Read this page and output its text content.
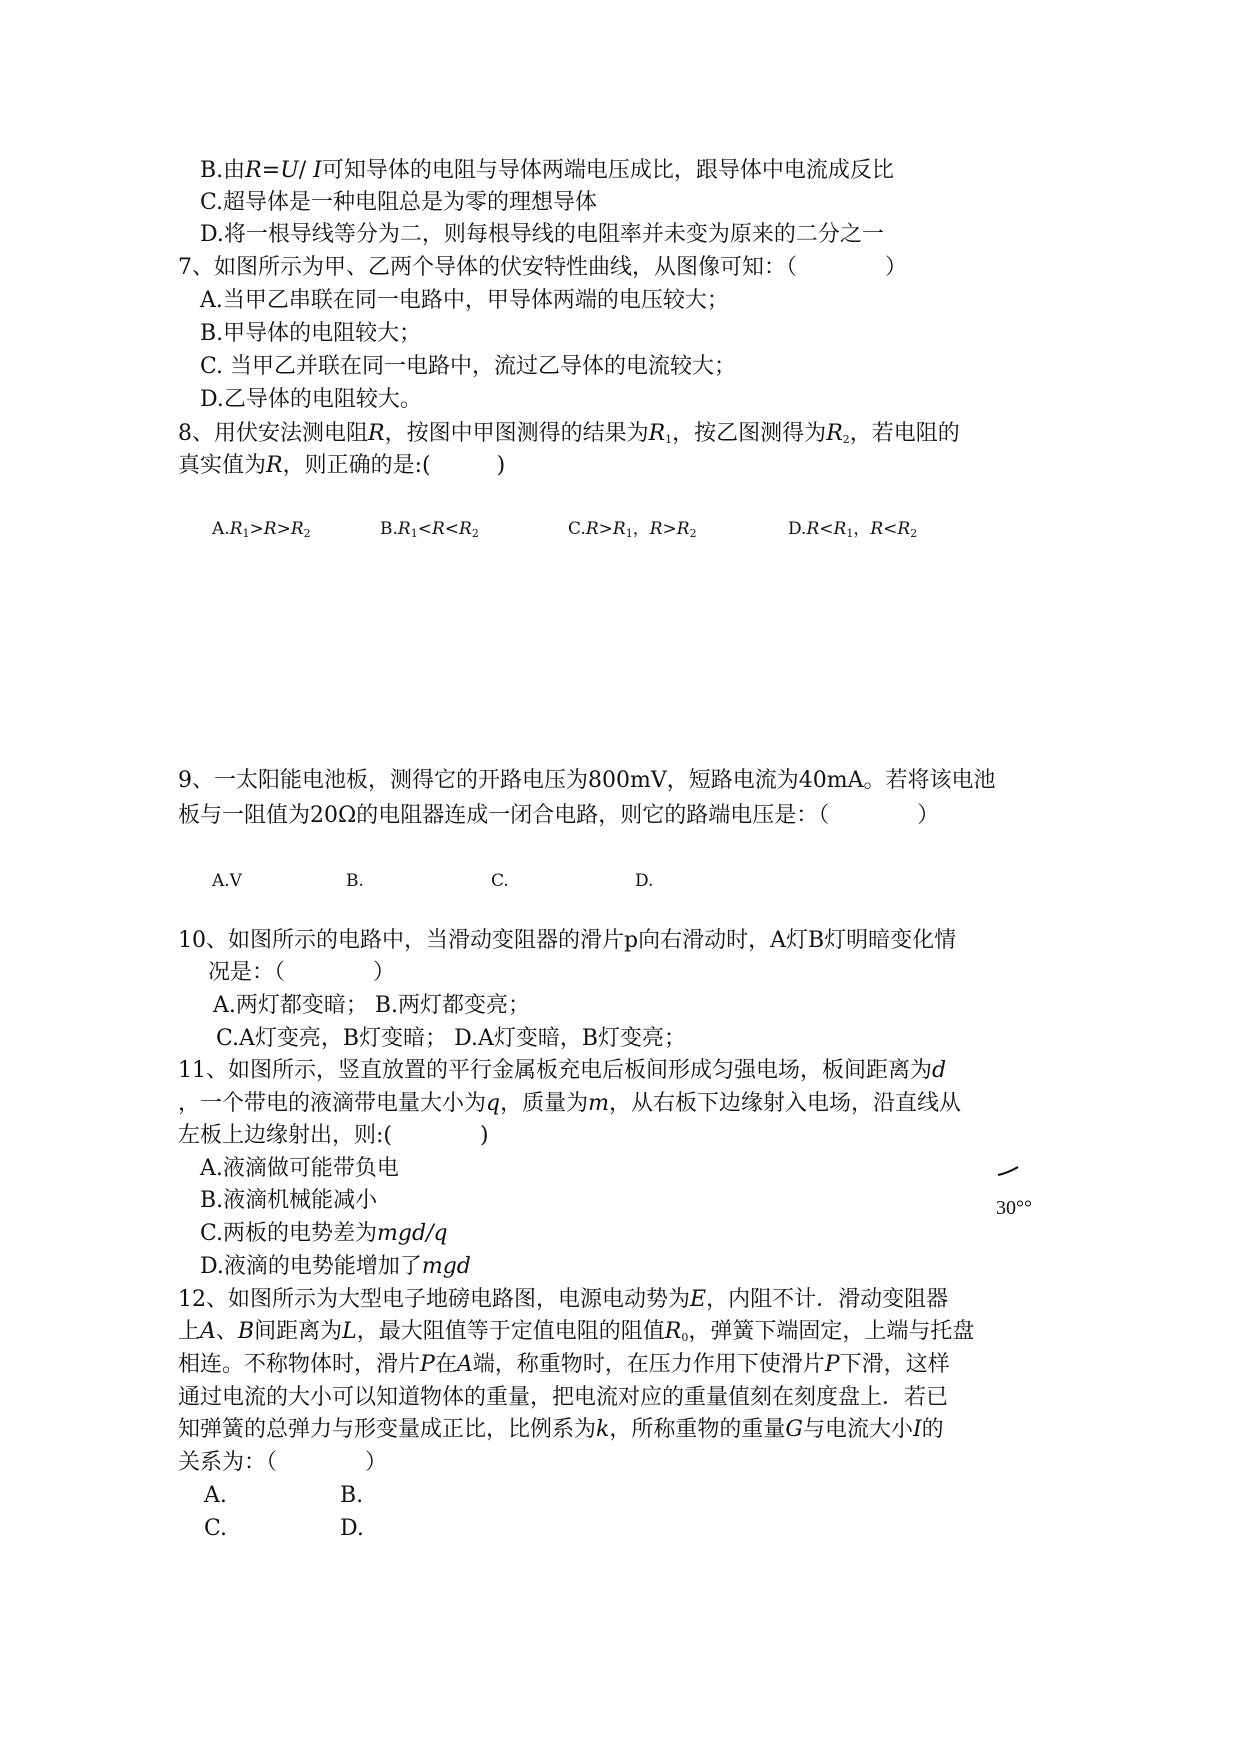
B.由R=U/ I可知导体的电阻与导体两端电压成比，跟导体中电流成反比
C.超导体是一种电阻总是为零的理想导体
D.将一根导线等分为二，则每根导线的电阻率并未变为原来的二分之一
7、如图所示为甲、乙两个导体的伏安特性曲线，从图像可知：（　　　　）
A.当甲乙串联在同一电路中，甲导体两端的电压较大；
B.甲导体的电阻较大；
C. 当甲乙并联在同一电路中，流过乙导体的电流较大；
D.乙导体的电阻较大。
8、用伏安法测电阻R，按图中甲图测得的结果为$R_1$，按乙图测得为$R_2$，若电阻的
真实值为R，则正确的是:(　　　)
$A.R_1>R>R_2$	$B.R_1<R<R_2$	$C.R>R_1$，$R>R_2$	$D.R<R_1$，$R<R_2$
9、一太阳能电池板，测得它的开路电压为800mV，短路电流为40mA。若将该电池
板与一阻值为20Ω的电阻器连成一闭合电路，则它的路端电压是：（　　　　）
A.V	B.	C.	D.
10、如图所示的电路中，当滑动变阻器的滑片p向右滑动时，A灯B灯明暗变化情
况是：（　　　　）
A.两灯都变暗； B.两灯都变亮；
C.A灯变亮，B灯变暗； D.A灯变暗，B灯变亮；
11、如图所示，竖直放置的平行金属板充电后板间形成匀强电场，板间距离为d
，一个带电的液滴带电量大小为q，质量为m，从右板下边缘射入电场，沿直线从
左板上边缘射出，则:(　　　　)
A.液滴做可能带负电
B.液滴机械能减小
C.两板的电势差为mgd/q
D.液滴的电势能增加了mgd
30°°
12、如图所示为大型电子地磅电路图，电源电动势为E，内阻不计．滑动变阻器
上A、B间距离为L，最大阻值等于定值电阻的阻值$R_0$，弹簧下端固定，上端与托盘
相连。不称物体时，滑片P在A端，称重物时，在压力作用下使滑片P下滑，这样
通过电流的大小可以知道物体的重量，把电流对应的重量值刻在刻度盘上．若已
知弹簧的总弹力与形变量成正比，比例系为k，所称重物的重量G与电流大小I的
关系为：（　　　　）
A.	B.
C.	D.
